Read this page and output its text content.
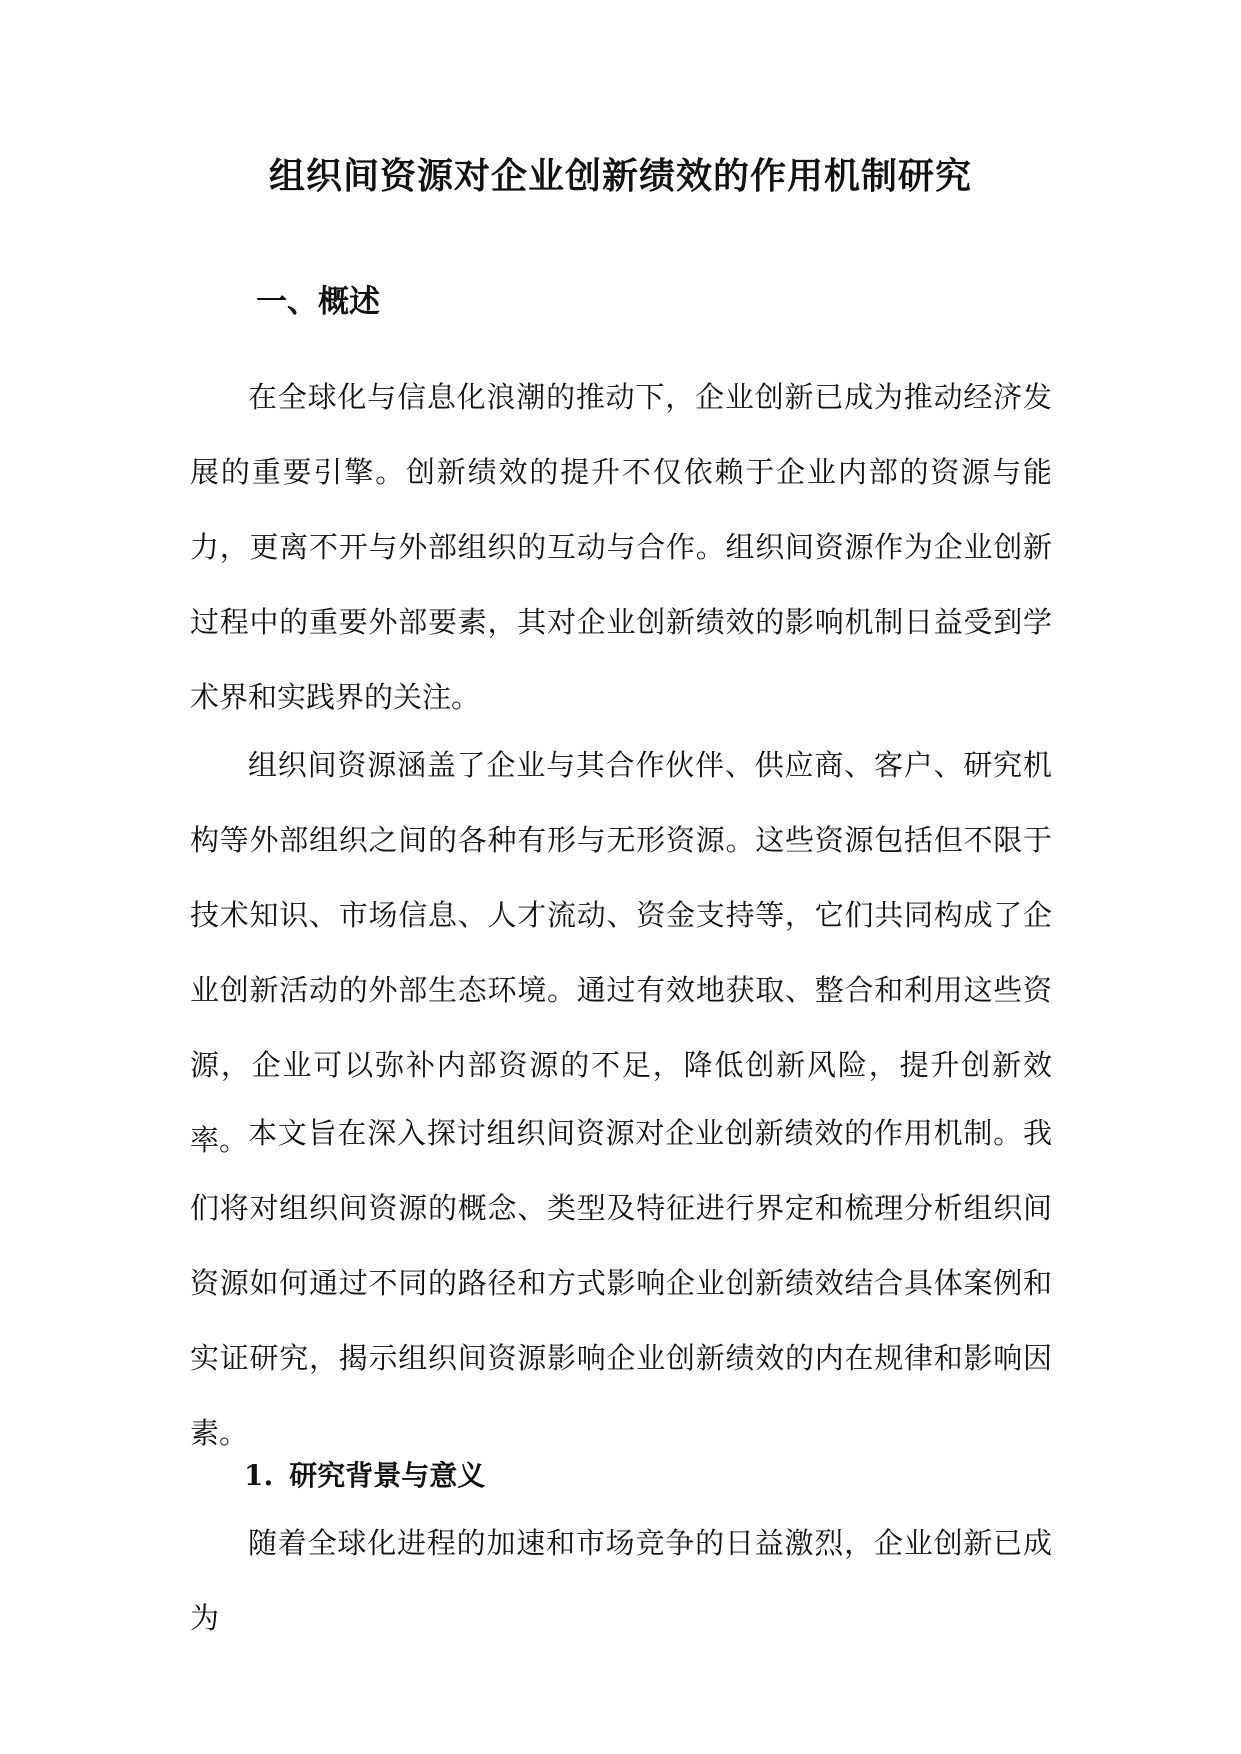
组织间资源对企业创新绩效的作用机制研究
一、概述

在全球化与信息化浪潮的推动下，企业创新已成为推动经济发展的重要引擎。创新绩效的提升不仅依赖于企业内部的资源与能力，更离不开与外部组织的互动与合作。组织间资源作为企业创新过程中的重要外部要素，其对企业创新绩效的影响机制日益受到学术界和实践界的关注。

组织间资源涵盖了企业与其合作伙伴、供应商、客户、研究机构等外部组织之间的各种有形与无形资源。这些资源包括但不限于技术知识、市场信息、人才流动、资金支持等，它们共同构成了企业创新活动的外部生态环境。通过有效地获取、整合和利用这些资源，企业可以弥补内部资源的不足，降低创新风险，提升创新效率。 本文旨在深入探讨组织间资源对企业创新绩效的作用机制。我们将对组织间资源的概念、类型及特征进行界定和梳理分析组织间资源如何通过不同的路径和方式影响企业创新绩效结合具体案例和实证研究，揭示组织间资源影响企业创新绩效的内在规律和影响因素。

1. 研究背景与意义

随着全球化进程的加速和市场竞争的日益激烈，企业创新已成为
